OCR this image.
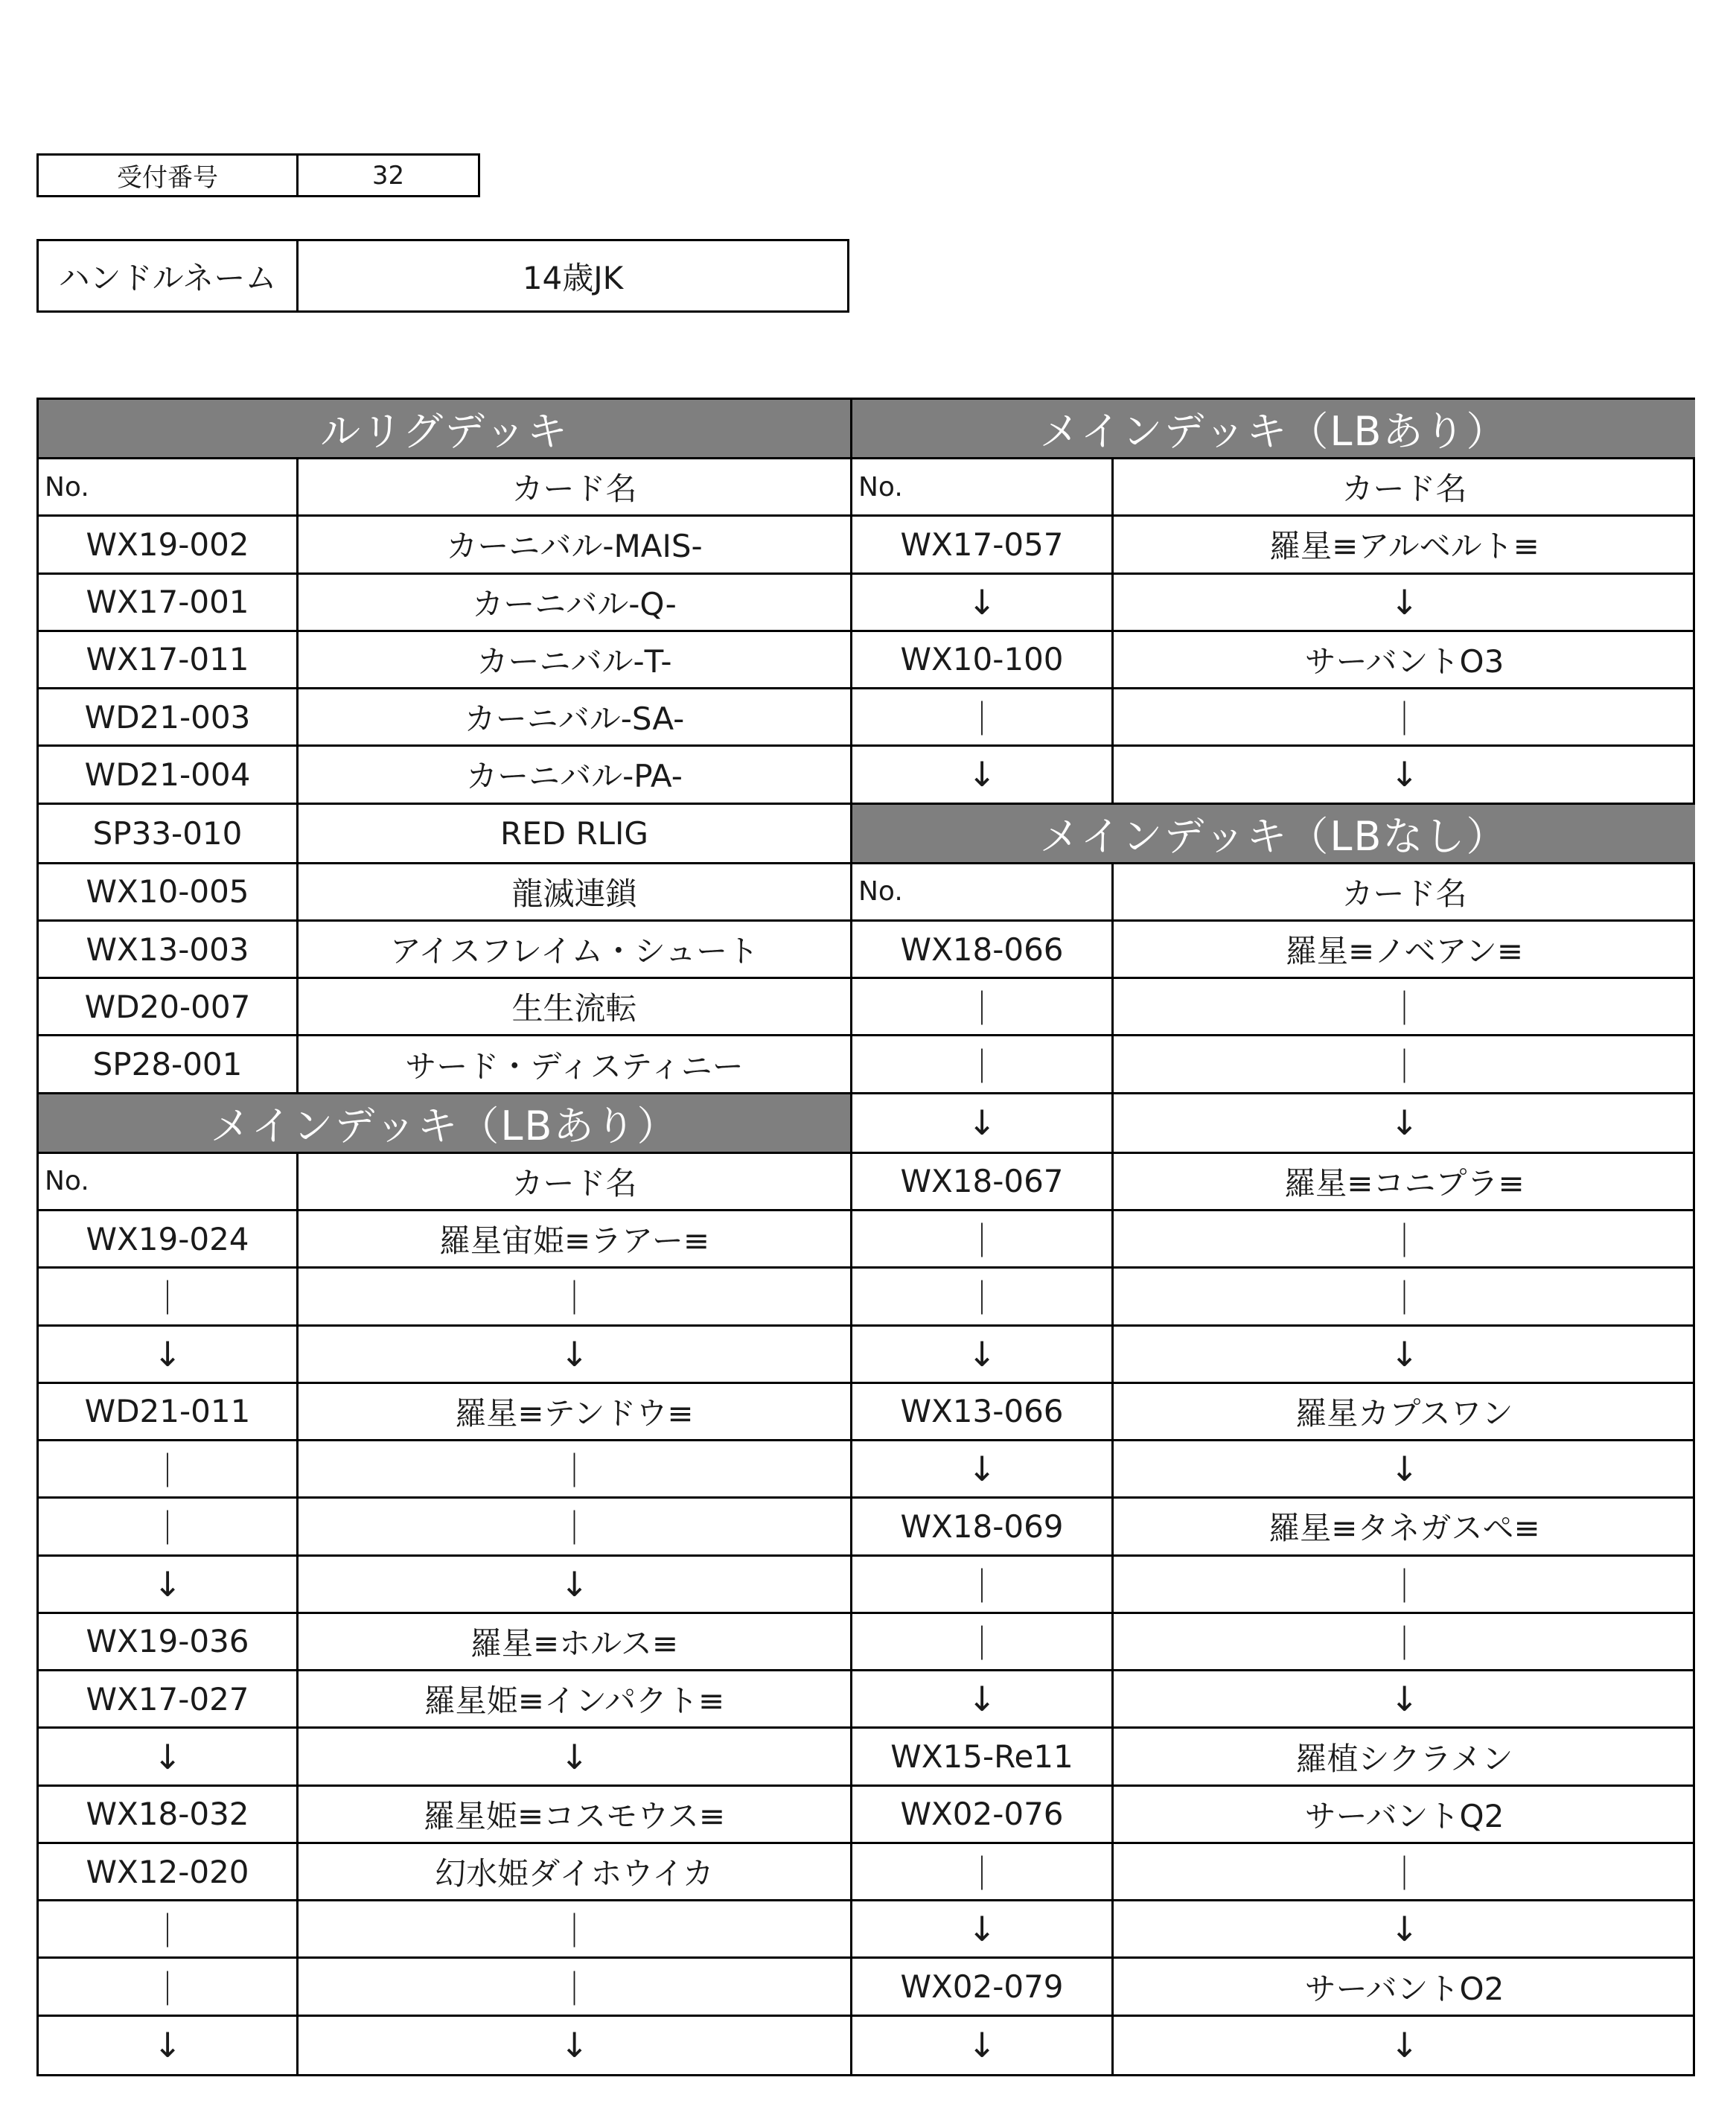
受付番号	32
ハンドルネーム	14歳JK
ルリグデッキ
No.	カード名
WX19-002	カーニバル-MAIS-
WX17-001	カーニバル-Q-
WX17-011	カーニバル-T-
WD21-003	カーニバル-SA-
WD21-004	カーニバル-PA-
SP33-010	RED RLIG
WX10-005	龍滅連鎖
WX13-003	アイスフレイム・シュート
WD20-007	生生流転
SP28-001	サード・ディスティニー
メインデッキ（LBあり）
No.	カード名
WX19-024	羅星宙姫≡ラアー≡
｜	｜
↓	↓
WD21-011	羅星≡テンドウ≡
｜	｜
｜	｜
↓	↓
WX19-036	羅星≡ホルス≡
WX17-027	羅星姫≡インパクト≡
↓	↓
WX18-032	羅星姫≡コスモウス≡
WX12-020	幻水姫ダイホウイカ
｜	｜
｜	｜
↓	↓
メインデッキ（LBあり）
No.	カード名
WX17-057	羅星≡アルベルト≡
↓	↓
WX10-100	サーバントO3
｜	｜
↓	↓
メインデッキ（LBなし）
No.	カード名
WX18-066	羅星≡ノベアン≡
｜	｜
｜	｜
↓	↓
WX18-067	羅星≡コニプラ≡
｜	｜
｜	｜
↓	↓
WX13-066	羅星カプスワン
↓	↓
WX18-069	羅星≡タネガスペ≡
｜	｜
｜	｜
↓	↓
WX15-Re11	羅植シクラメン
WX02-076	サーバントQ2
｜	｜
↓	↓
WX02-079	サーバントO2
↓	↓
